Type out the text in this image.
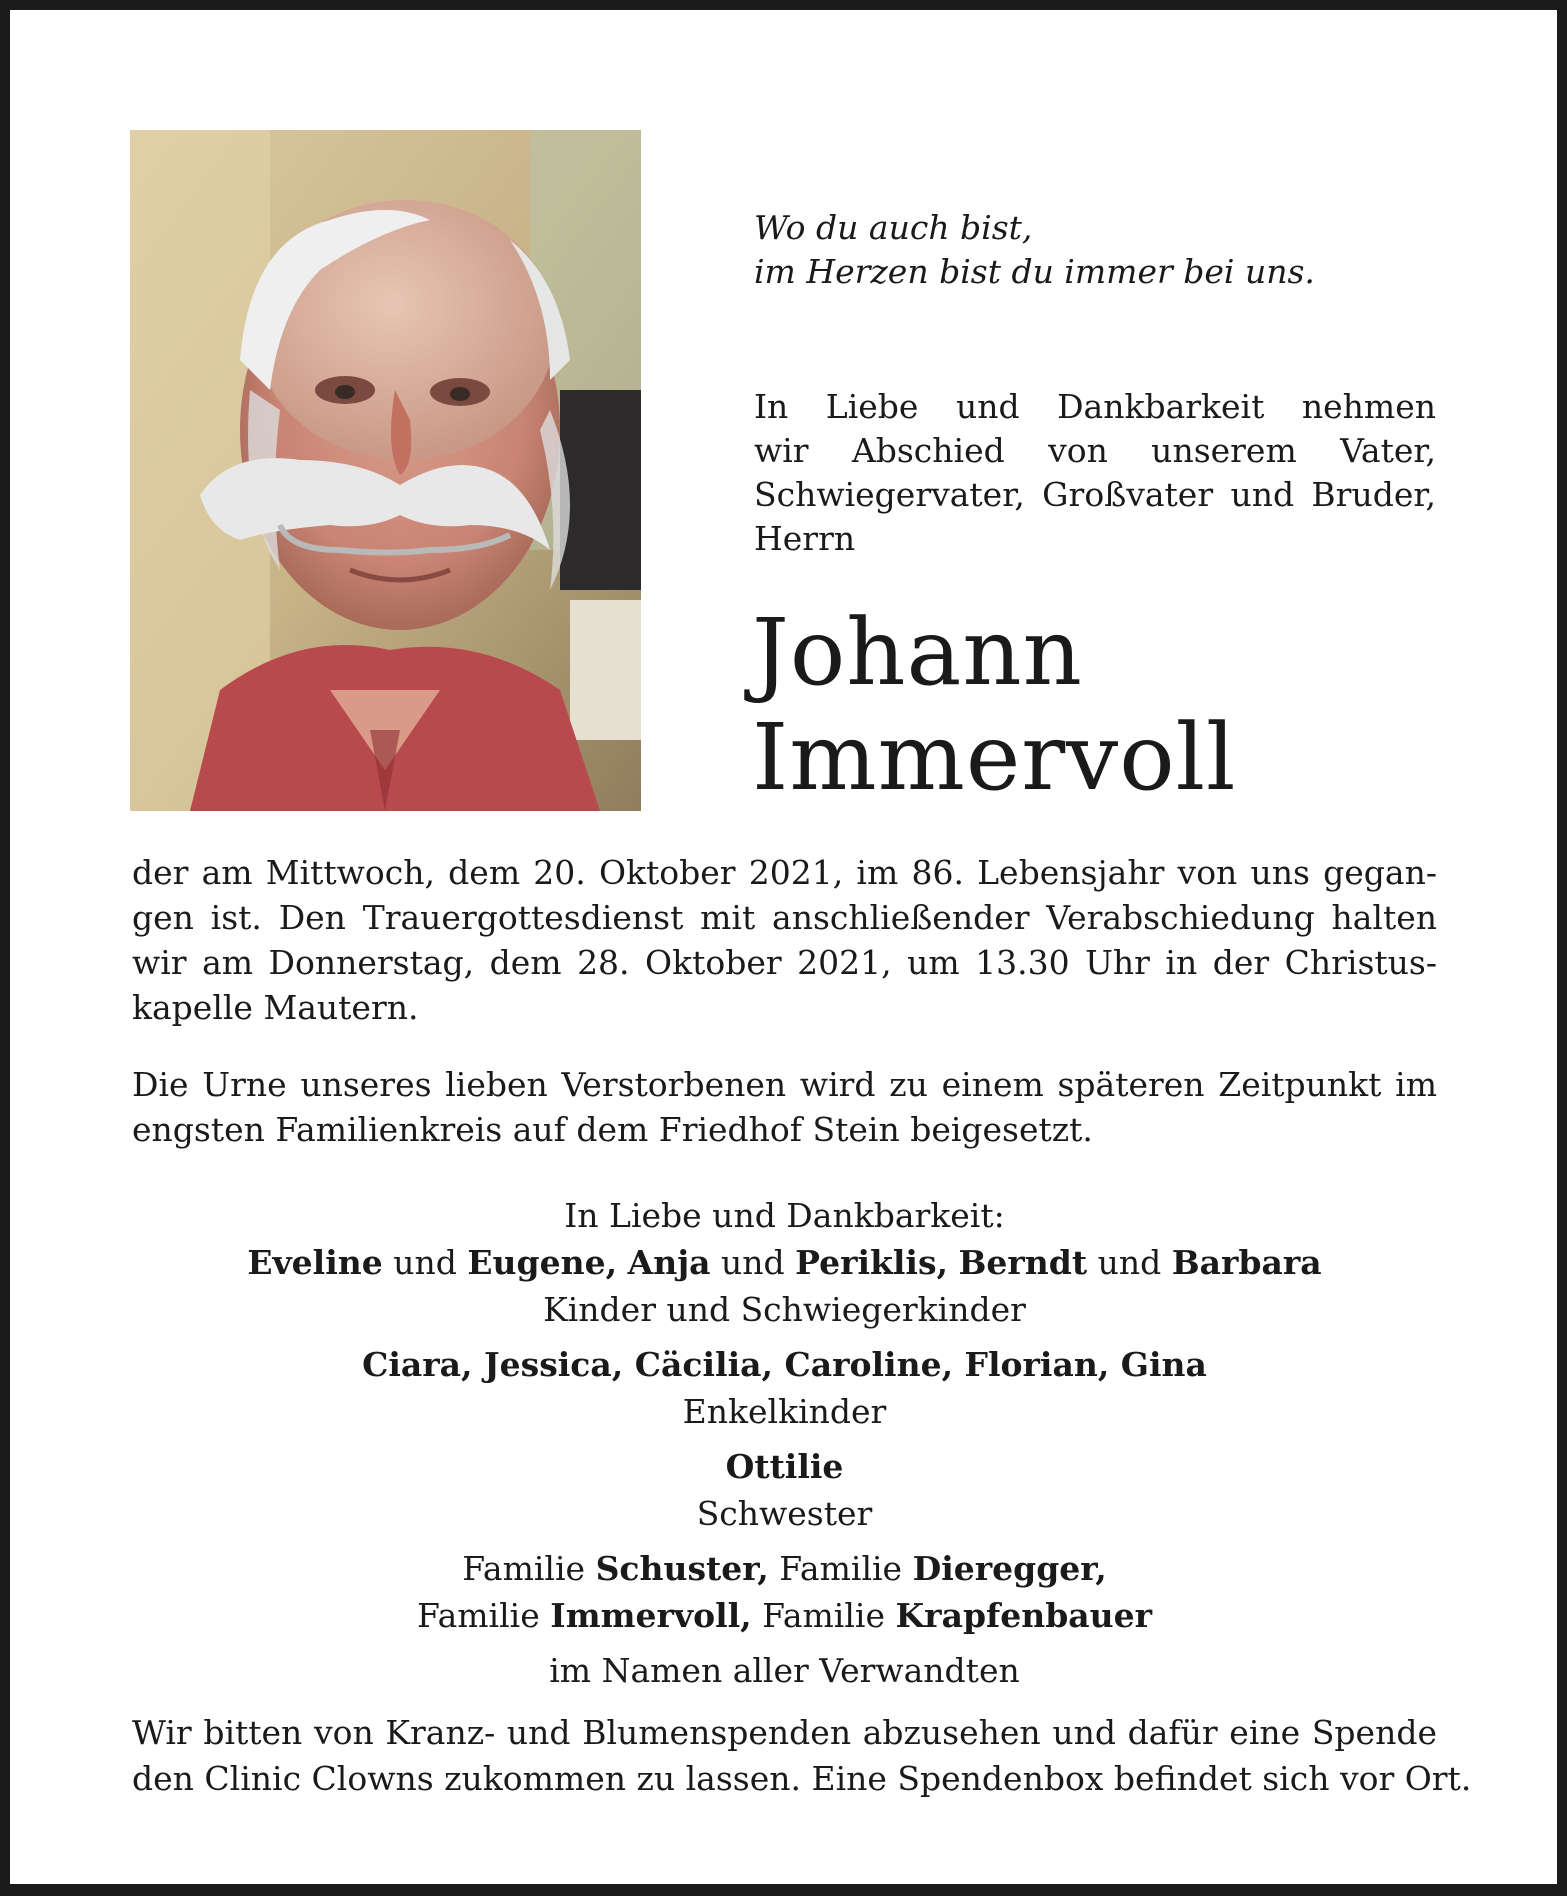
Wo du auch bist,
im Herzen bist du immer bei uns.
In Liebe und Dankbarkeit nehmen
wir Abschied von unserem Vater,
Schwiegervater, Großvater und Bruder,
Herrn
Johann
Immervoll
der am Mittwoch, dem 20. Oktober 2021, im 86. Lebensjahr von uns gegan-
gen ist. Den Trauergottesdienst mit anschließender Verabschiedung halten
wir am Donnerstag, dem 28. Oktober 2021, um 13.30 Uhr in der Christus-
kapelle Mautern.
Die Urne unseres lieben Verstorbenen wird zu einem späteren Zeitpunkt im
engsten Familienkreis auf dem Friedhof Stein beigesetzt.
In Liebe und Dankbarkeit:
Eveline und Eugene, Anja und Periklis, Berndt und Barbara
Kinder und Schwiegerkinder
Ciara, Jessica, Cäcilia, Caroline, Florian, Gina
Enkelkinder
Ottilie
Schwester
Familie Schuster, Familie Dieregger,
Familie Immervoll, Familie Krapfenbauer
im Namen aller Verwandten
Wir bitten von Kranz- und Blumenspenden abzusehen und dafür eine Spende
den Clinic Clowns zukommen zu lassen. Eine Spendenbox befindet sich vor Ort.
